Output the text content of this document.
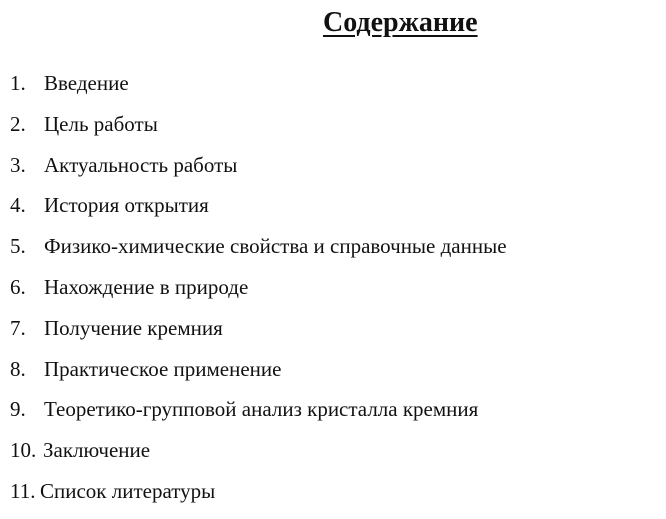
Содержание
1. Введение
2. Цель работы
3. Актуальность работы
4. История открытия
5. Физико-химические свойства и справочные данные
6. Нахождение в природе
7. Получение кремния
8. Практическое применение
9. Теоретико-групповой анализ кристалла кремния
10. Заключение
11. Список литературы
